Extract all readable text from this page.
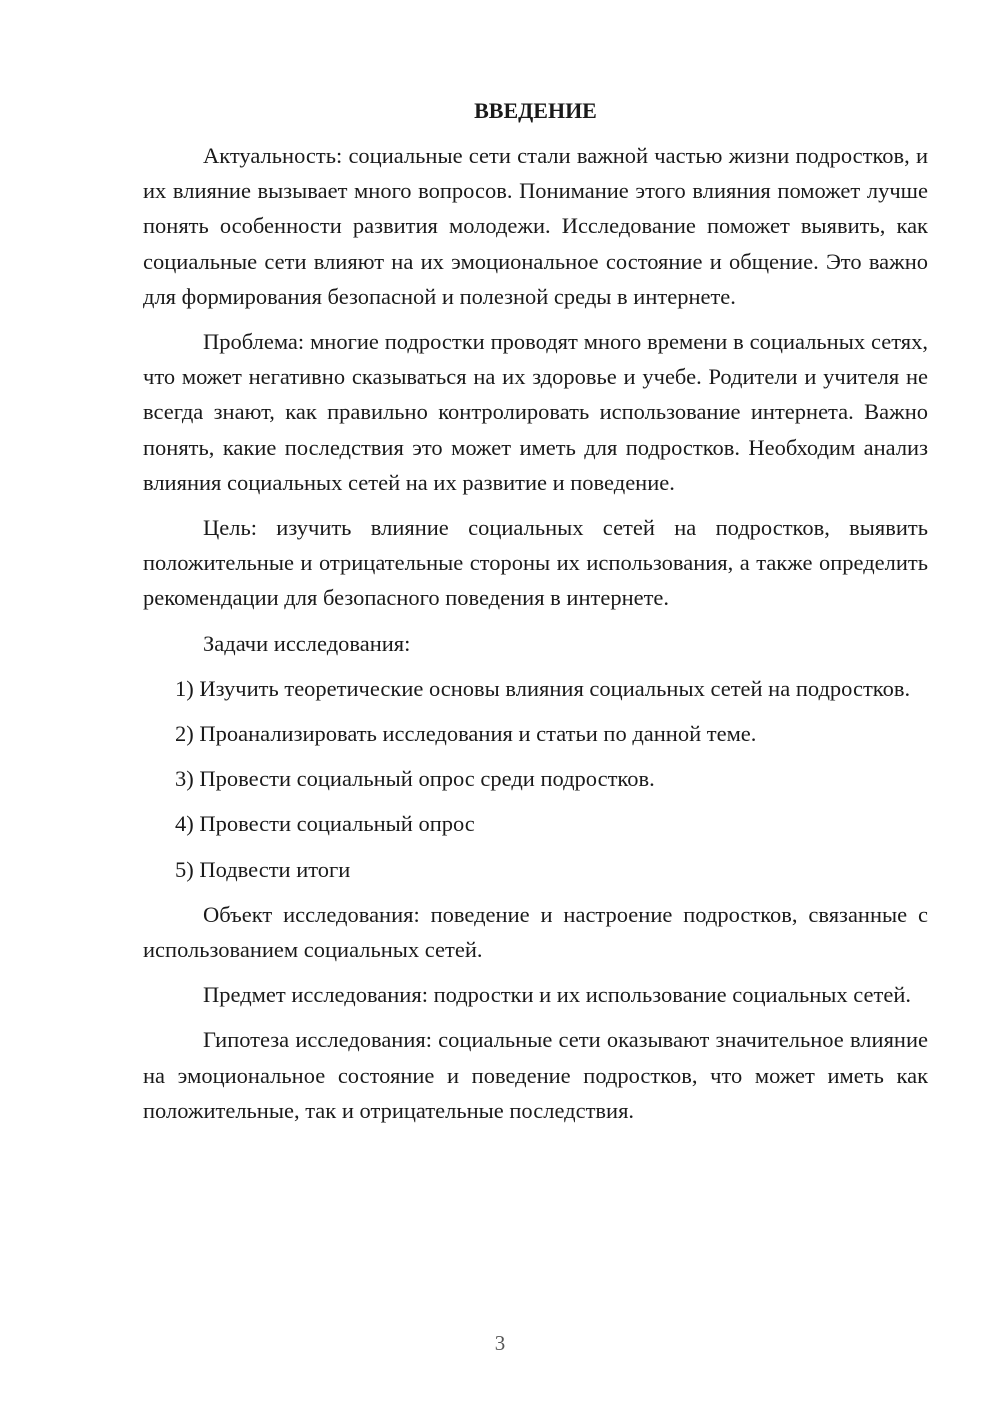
ВВЕДЕНИЕ

Актуальность: социальные сети стали важной частью жизни подростков, и их влияние вызывает много вопросов. Понимание этого влияния поможет лучше понять особенности развития молодежи. Исследование поможет выявить, как социальные сети влияют на их эмоциональное состояние и общение. Это важно для формирования безопасной и полезной среды в интернете.

Проблема: многие подростки проводят много времени в социальных сетях, что может негативно сказываться на их здоровье и учебе. Родители и учителя не всегда знают, как правильно контролировать использование интернета. Важно понять, какие последствия это может иметь для подростков. Необходим анализ влияния социальных сетей на их развитие и поведение.

Цель: изучить влияние социальных сетей на подростков, выявить положительные и отрицательные стороны их использования, а также определить рекомендации для безопасного поведения в интернете.

Задачи исследования:

1) Изучить теоретические основы влияния социальных сетей на подростков.

2) Проанализировать исследования и статьи по данной теме.

3) Провести социальный опрос среди подростков.

4) Провести социальный опрос

5) Подвести итоги

Объект исследования: поведение и настроение подростков, связанные с использованием социальных сетей.

Предмет исследования: подростки и их использование социальных сетей.

Гипотеза исследования: социальные сети оказывают значительное влияние на эмоциональное состояние и поведение подростков, что может иметь как положительные, так и отрицательные последствия.

3
